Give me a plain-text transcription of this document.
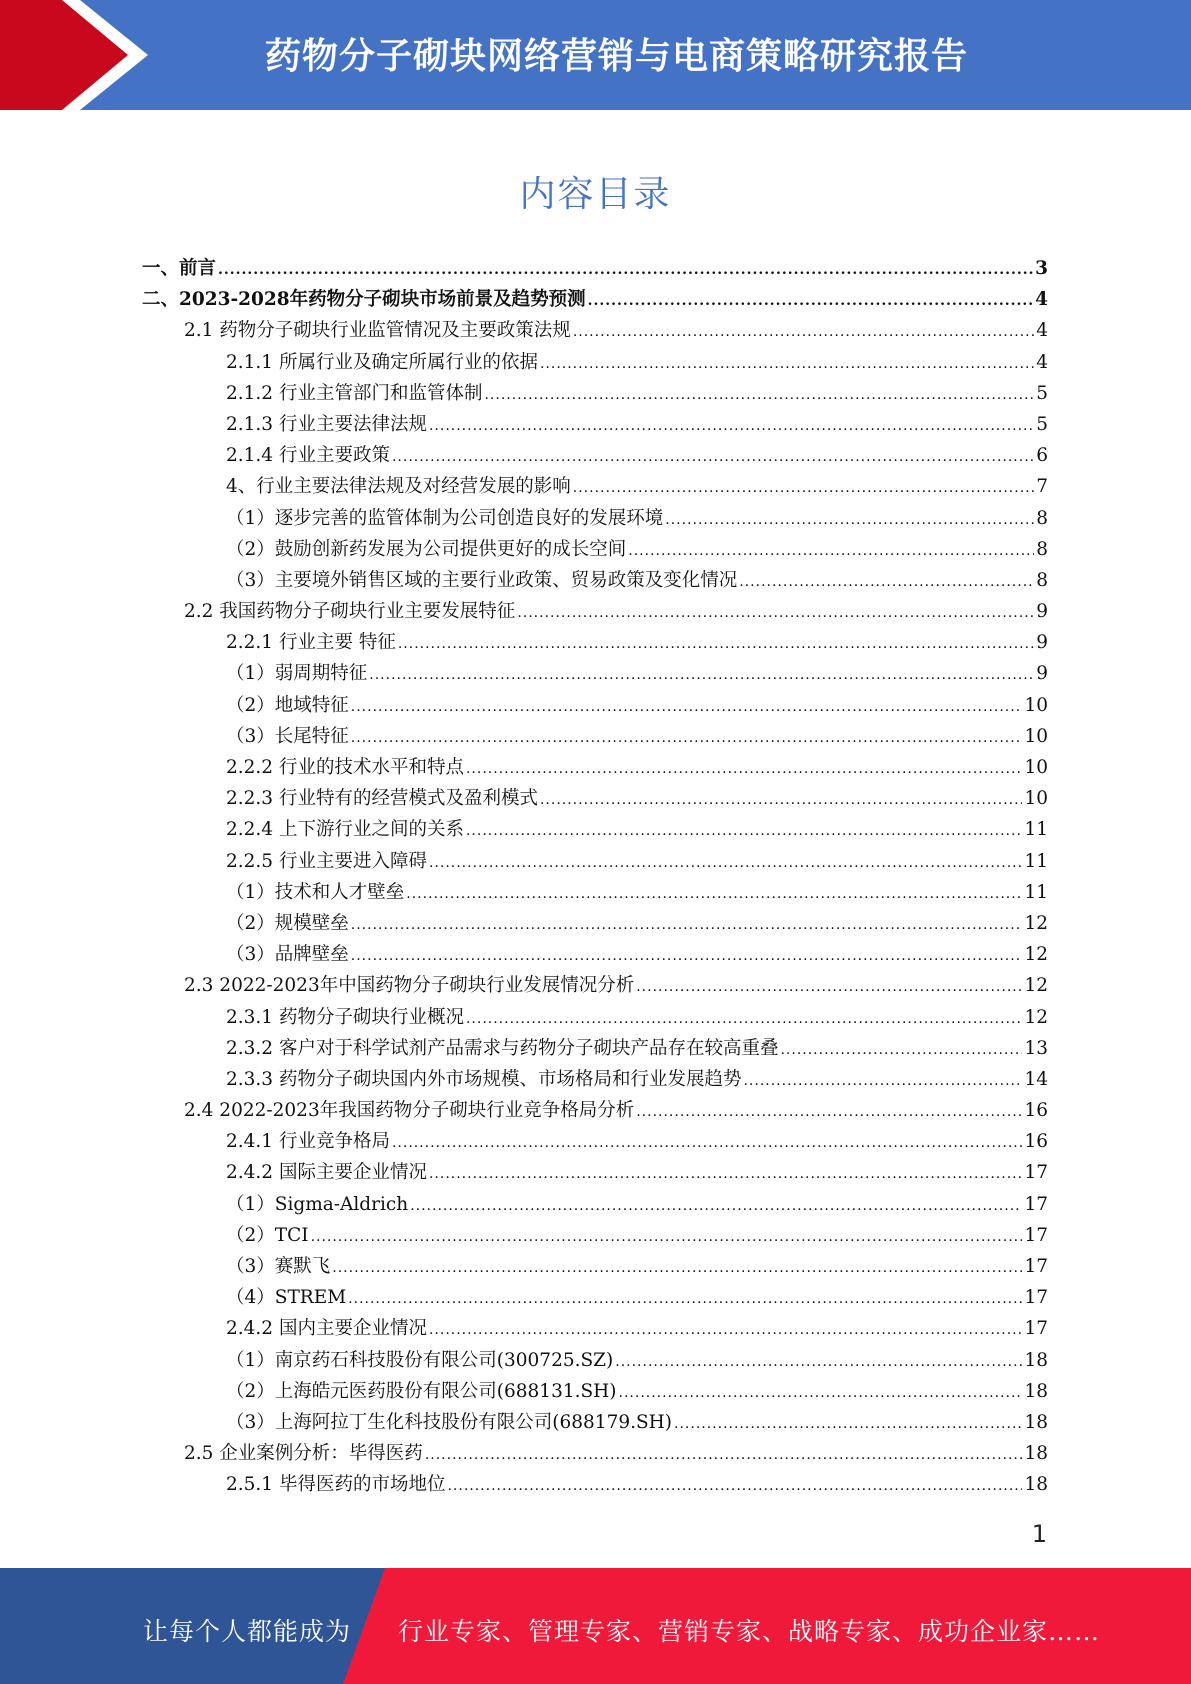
药物分子砌块网络营销与电商策略研究报告
内容目录
一、前言 .....	3
二、2023-2028年药物分子砌块市场前景及趋势预测 .....	4
2.1 药物分子砌块行业监管情况及主要政策法规 .....	4
2.1.1 所属行业及确定所属行业的依据 .....	4
2.1.2 行业主管部门和监管体制 .....	5
2.1.3 行业主要法律法规 .....	5
2.1.4 行业主要政策 .....	6
4、行业主要法律法规及对经营发展的影响 .....	7
（1）逐步完善的监管体制为公司创造良好的发展环境 .....	8
（2）鼓励创新药发展为公司提供更好的成长空间 .....	8
（3）主要境外销售区域的主要行业政策、贸易政策及变化情况 .....	8
2.2 我国药物分子砌块行业主要发展特征 .....	9
2.2.1 行业主要 特征 .....	9
（1）弱周期特征 .....	9
（2）地域特征 .....	10
（3）长尾特征 .....	10
2.2.2 行业的技术水平和特点 .....	10
2.2.3 行业特有的经营模式及盈利模式 .....	10
2.2.4 上下游行业之间的关系 .....	11
2.2.5 行业主要进入障碍 .....	11
（1）技术和人才壁垒 .....	11
（2）规模壁垒 .....	12
（3）品牌壁垒 .....	12
2.3 2022-2023年中国药物分子砌块行业发展情况分析 .....	12
2.3.1 药物分子砌块行业概况 .....	12
2.3.2 客户对于科学试剂产品需求与药物分子砌块产品存在较高重叠 .....	13
2.3.3 药物分子砌块国内外市场规模、市场格局和行业发展趋势 .....	14
2.4 2022-2023年我国药物分子砌块行业竞争格局分析 .....	16
2.4.1 行业竞争格局 .....	16
2.4.2 国际主要企业情况 .....	17
（1）Sigma-Aldrich .....	17
（2）TCI .....	17
（3）赛默飞 .....	17
（4）STREM .....	17
2.4.2 国内主要企业情况 .....	17
（1）南京药石科技股份有限公司(300725.SZ) .....	18
（2）上海皓元医药股份有限公司(688131.SH) .....	18
（3）上海阿拉丁生化科技股份有限公司(688179.SH) .....	18
2.5 企业案例分析：毕得医药 .....	18
2.5.1 毕得医药的市场地位 .....	18
1
让每个人都能成为 行业专家、管理专家、营销专家、战略专家、成功企业家……
